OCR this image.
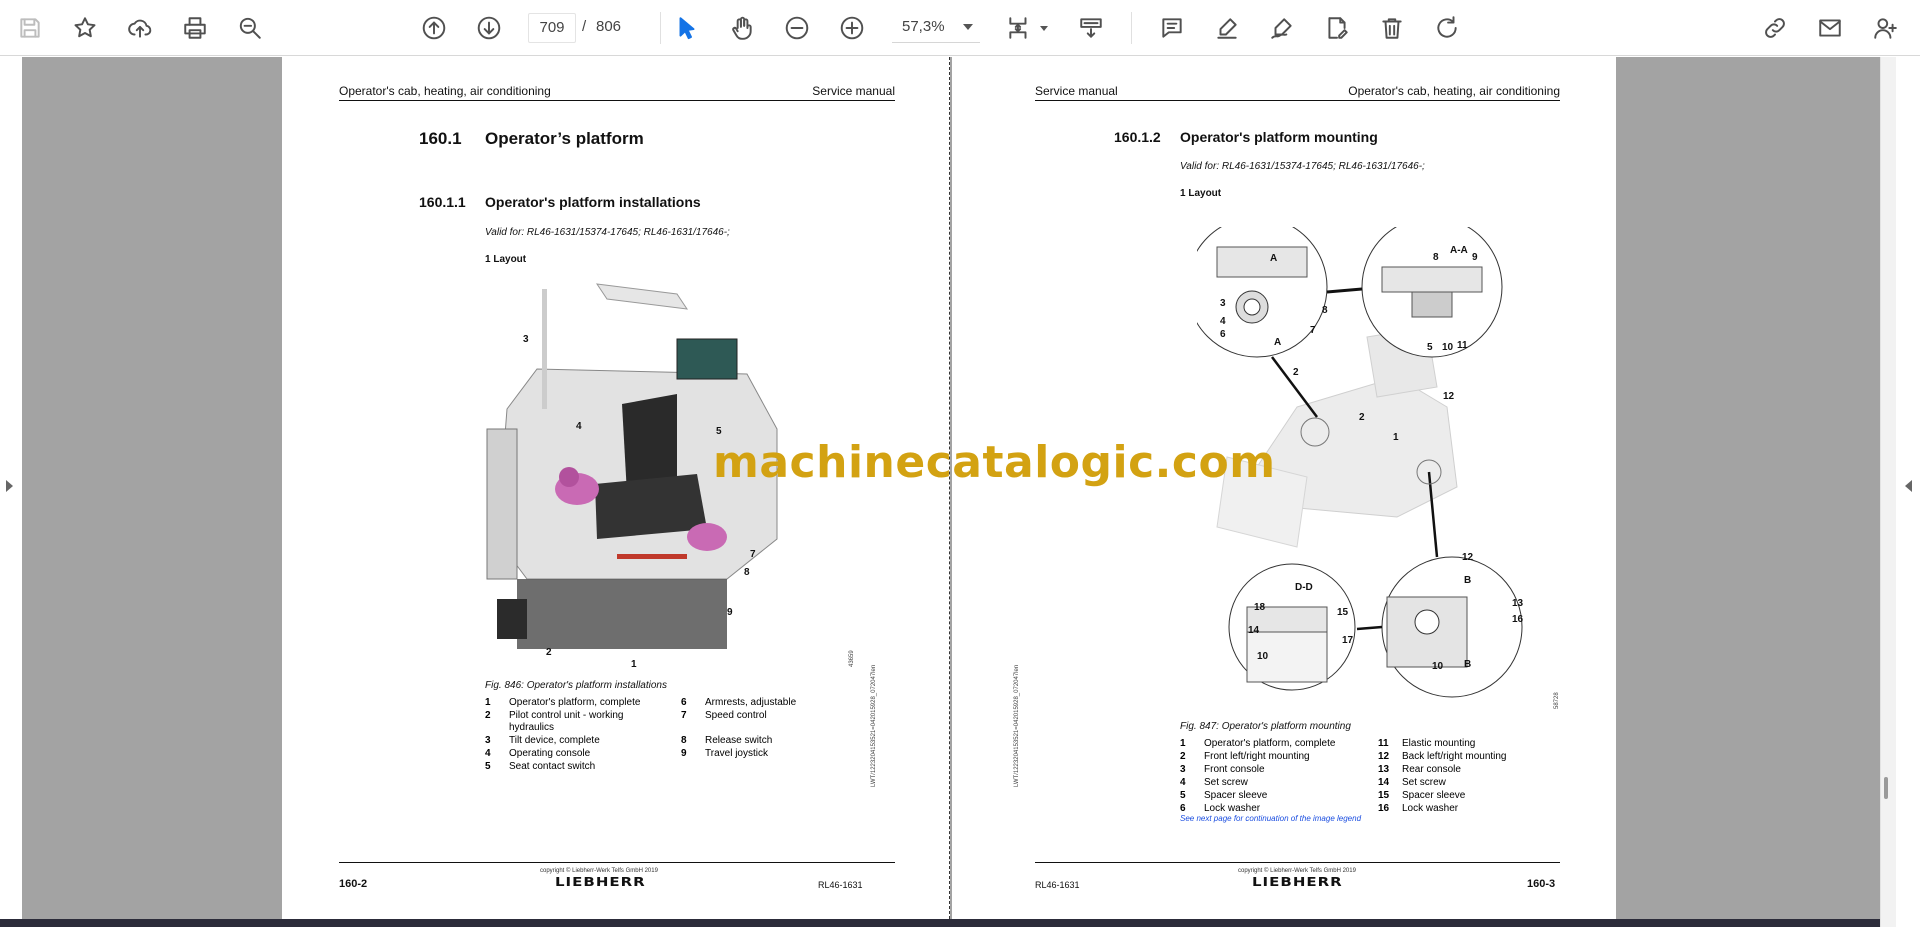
709	/ 806	57,3%
Operator's cab, heating, air conditioning	Service manual
160.1 Operator’s platform
160.1.1 Operator's platform installations
Valid for: RL46-1631/15374-17645; RL46-1631/17646-;
1 Layout
3
4	5
7
8
9
2
1	43659
LWT/1223204153521=042015928_072047len
Fig. 846: Operator's platform installations
1	Operator's platform, complete
2	Pilot control unit - working hydraulics
3	Tilt device, complete
4	Operating console
5	Seat contact switch
6	Armrests, adjustable
7	Speed control
8	Release switch
9	Travel joystick
copyright © Liebherr-Werk Telfs GmbH 2019
LIEBHERR
160-2	RL46-1631
Service manual	Operator's cab, heating, air conditioning
160.1.2 Operator's platform mounting
Valid for: RL46-1631/15374-17645; RL46-1631/17646-;
1 Layout
A
A-A
A
D-D
B
B
3
4
6	7
8
8	9
5 10 11
2
2
1
12
12
18
14
15
17
10
13
16
10
58728
LWT/1223204153521=042015928_072047len	Fig. 847: Operator's platform mounting
1	Operator's platform, complete
2	Front left/right mounting
3	Front console
4	Set screw
5	Spacer sleeve
6	Lock washer
11	Elastic mounting
12	Back left/right mounting
13	Rear console
14	Set screw
15	Spacer sleeve
16	Lock washer
See next page for continuation of the image legend
copyright © Liebherr-Werk Telfs GmbH 2019
LIEBHERR
RL46-1631	160-3
machinecatalogic.com
